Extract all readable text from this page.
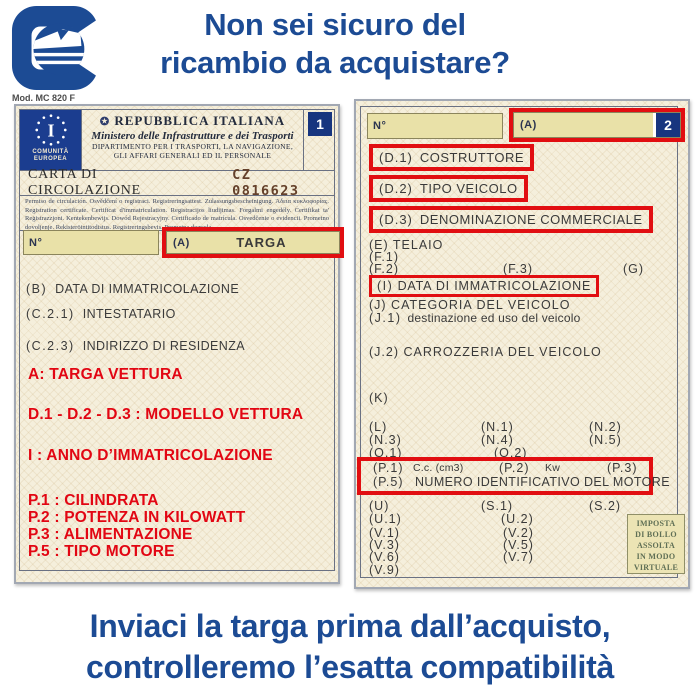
Non sei sicuro del
ricambio da acquistare?
Mod. MC 820 F
I
COMUNITÀ
EUROPEA
✪ REPUBBLICA ITALIANA
Ministero delle Infrastrutture e dei Trasporti
DIPARTIMENTO PER I TRASPORTI, LA NAVIGAZIONE,
GLI AFFARI GENERALI ED IL PERSONALE
1
CARTA DI CIRCOLAZIONE
CZ 0816623
Permiso de circulación. Osvědčení o registraci. Registreringsattest. Zulassungsbescheinigung. Άδεια κυκλοφορίας. Registration certificate. Certificat d'immatriculation. Registracijos liudijimas. Forgalmi engedély. Ċertifikat ta' Reġistrazzjoni. Kentekenbewijs. Dowód Rejestracyjny. Certificado de matrícula. Osvedčenie o evidencii. Prometno dovoljenje. Rekisteröintitodistus. Registreringsbevis. Prometna dozvola.
N°	(A)	TARGA
(B) DATA DI IMMATRICOLAZIONE
(C.2.1) INTESTATARIO
(C.2.3) INDIRIZZO DI RESIDENZA
A: TARGA VETTURA
D.1 - D.2 - D.3 : MODELLO VETTURA
I : ANNO D’IMMATRICOLAZIONE
P.1 : CILINDRATA
P.2 : POTENZA IN KILOWATT
P.3 : ALIMENTAZIONE
P.5 : TIPO MOTORE
N°	(A)	2
(D.1) COSTRUTTORE
(D.2) TIPO VEICOLO
(D.3) DENOMINAZIONE COMMERCIALE
(E) TELAIO
(F.1)
(F.2)	(F.3)	(G)
(I) DATA DI IMMATRICOLAZIONE
(J) CATEGORIA DEL VEICOLO
(J.1) destinazione ed uso del veicolo
(J.2) CARROZZERIA DEL VEICOLO
(K)
(L)	(N.1)	(N.2)
(N.3)	(N.4)	(N.5)
(O.1)	(O.2)
(P.1) C.c. (cm3)	(P.2) Kw	(P.3)
(P.5) NUMERO IDENTIFICATIVO DEL MOTORE
(U)	(S.1)	(S.2)
(U.1)	(U.2)
(V.1)	(V.2)
(V.3)	(V.5)
(V.6)	(V.7)
(V.9)
IMPOSTA
DI BOLLO
ASSOLTA
IN MODO
VIRTUALE
Inviaci la targa prima dall’acquisto,
controlleremo l’esatta compatibilità
